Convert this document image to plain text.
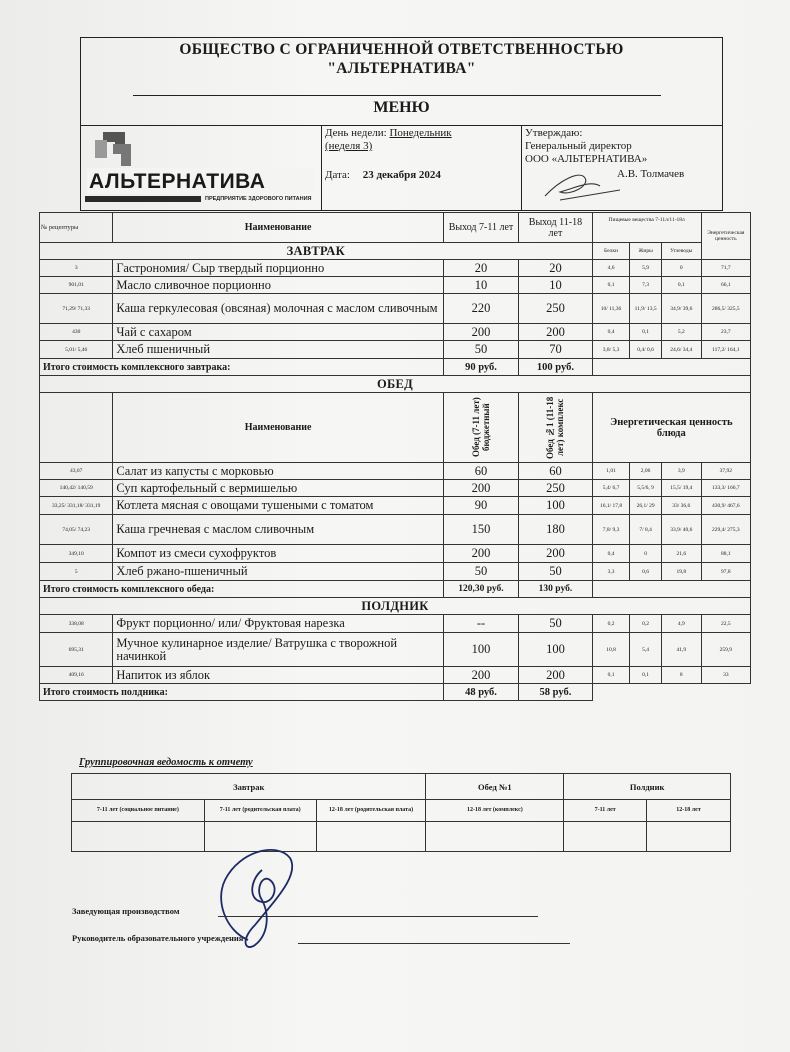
ОБЩЕСТВО С ОГРАНИЧЕННОЙ ОТВЕТСТВЕННОСТЬЮ
"АЛЬТЕРНАТИВА"
МЕНЮ
АЛЬТЕРНАТИВА
ПРЕДПРИЯТИЕ ЗДОРОВОГО ПИТАНИЯ
День недели: Понедельник
(неделя 3)
Дата: 23 декабря 2024
Утверждаю:
Генеральный директор
ООО «АЛЬТЕРНАТИВА»
А.В. Толмачев
№ рецептуры	Наименование	Выход 7-11 лет	Выход 11-18 лет	Пищевые вещества 7-11л/11-18л			Энергетическая ценность
ЗАВТРАК				Белки	Жиры	Углеводы	
3	Гастрономия/ Сыр твердый порционно	20	20	4,6	5,9	0	71,7
901,01	Масло сливочное порционно	10	10	0,1	7,3	0,1	66,1
71,29/ 71,33	Каша геркулесовая (овсяная) молочная с маслом сливочным	220	250	10/ 11,36	11,9/ 13,5	34,9/ 39,6	286,5/ 325,5
430	Чай с сахаром	200	200	0,4	0,1	5,2	23,7
5,01/ 5,46	Хлеб пшеничный	50	70	3,8/ 5,3	0,4/ 0,6	24,6/ 34,4	117,2/ 164,1
Итого стоимость комплексного завтрака:		90 руб.	100 руб.				
ОБЕД							
	Наименование	Обед (7-11 лет) бюджетный	Обед №1 (11-18 лет) комплекс	Энергетическая ценность блюда			
43,07	Салат из капусты с морковью	60	60	1,01	2,06	3,9	37,92
140,42/ 140,59	Суп картофельный с вермишелью	200	250	5,4/ 6,7	5,5/6, 9	15,5/ 19,4	133,3/ 166,7
33,25/ 331,18/ 331,19	Котлета мясная с овощами тушеными с томатом	90	100	16,1/ 17,8	26,1/ 29	33/ 36,6	430,9/ 467,6
74,05/ 74,23	Каша гречневая с маслом сливочным	150	180	7,8/ 9,3	7/ 8,4	33,9/ 40,6	229,4/ 275,3
349,10	Компот из смеси сухофруктов	200	200	0,4	0	21,6	88,1
5	Хлеб ржано-пшеничный	50	50	3,3	0,6	19,8	97,8
Итого стоимость комплексного обеда:		120,30 руб.	130 руб.				
ПОЛДНИК							
338,08	Фрукт порционно/ или/ Фруктовая нарезка	--	50	0,2	0,2	4,9	22,5
695,31	Мучное кулинарное изделие/ Ватрушка с творожной начинкой	100	100	10,8	5,4	41,9	259,9
409,16	Напиток из яблок	200	200	0,1	0,1	8	33
Итого стоимость полдника:		48 руб.	58 руб.				
Группировочная ведомость к отчету
Завтрак			Обед №1	Полдник	
7-11 лет (социальное питание)	7-11 лет (родительская плата)	12-18 лет (родительская плата)	12-18 лет (комплекс)	7-11 лет	12-18 лет

Заведующая производством
Руководитель образовательного учреждения
